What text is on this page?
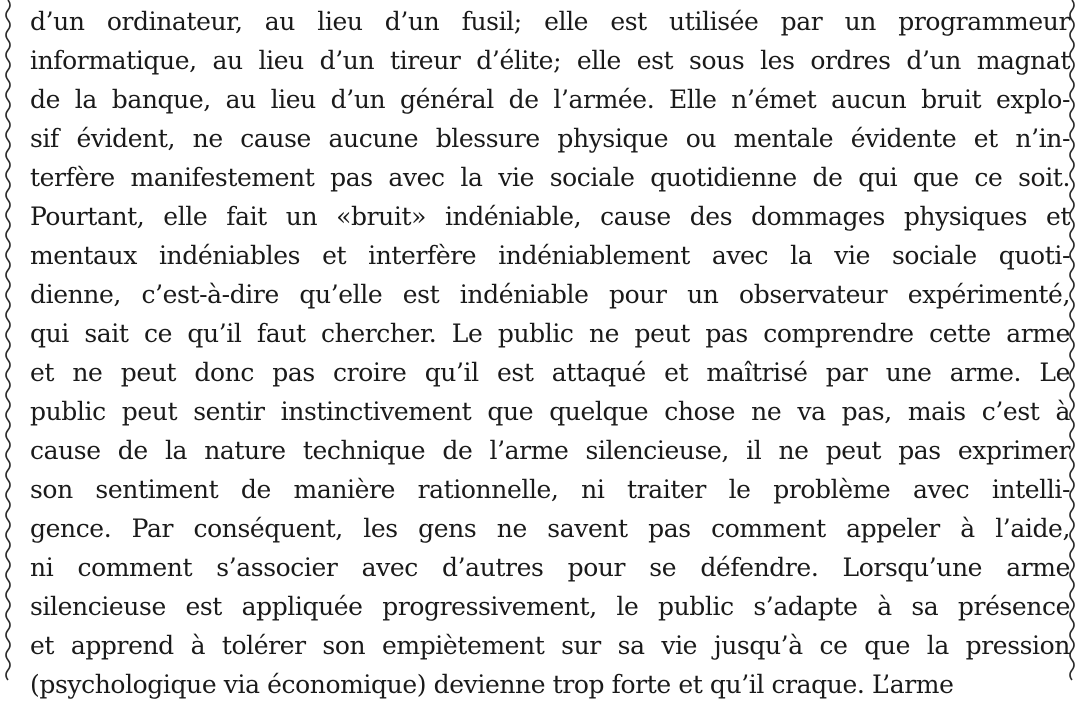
d’un ordinateur, au lieu d’un fusil; elle est utilisée par un programmeur
informatique, au lieu d’un tireur d’élite; elle est sous les ordres d’un magnat
de la banque, au lieu d’un général de l’armée. Elle n’émet aucun bruit explo-
sif évident, ne cause aucune blessure physique ou mentale évidente et n’in-
terfère manifestement pas avec la vie sociale quotidienne de qui que ce soit.
Pourtant, elle fait un «bruit» indéniable, cause des dommages physiques et
mentaux indéniables et interfère indéniablement avec la vie sociale quoti-
dienne, c’est-à-dire qu’elle est indéniable pour un observateur expérimenté,
qui sait ce qu’il faut chercher. Le public ne peut pas comprendre cette arme
et ne peut donc pas croire qu’il est attaqué et maîtrisé par une arme. Le
public peut sentir instinctivement que quelque chose ne va pas, mais c’est à
cause de la nature technique de l’arme silencieuse, il ne peut pas exprimer
son sentiment de manière rationnelle, ni traiter le problème avec intelli-
gence. Par conséquent, les gens ne savent pas comment appeler à l’aide,
ni comment s’associer avec d’autres pour se défendre. Lorsqu’une arme
silencieuse est appliquée progressivement, le public s’adapte à sa présence
et apprend à tolérer son empiètement sur sa vie jusqu’à ce que la pression
(psychologique via économique) devienne trop forte et qu’il craque. L’arme
